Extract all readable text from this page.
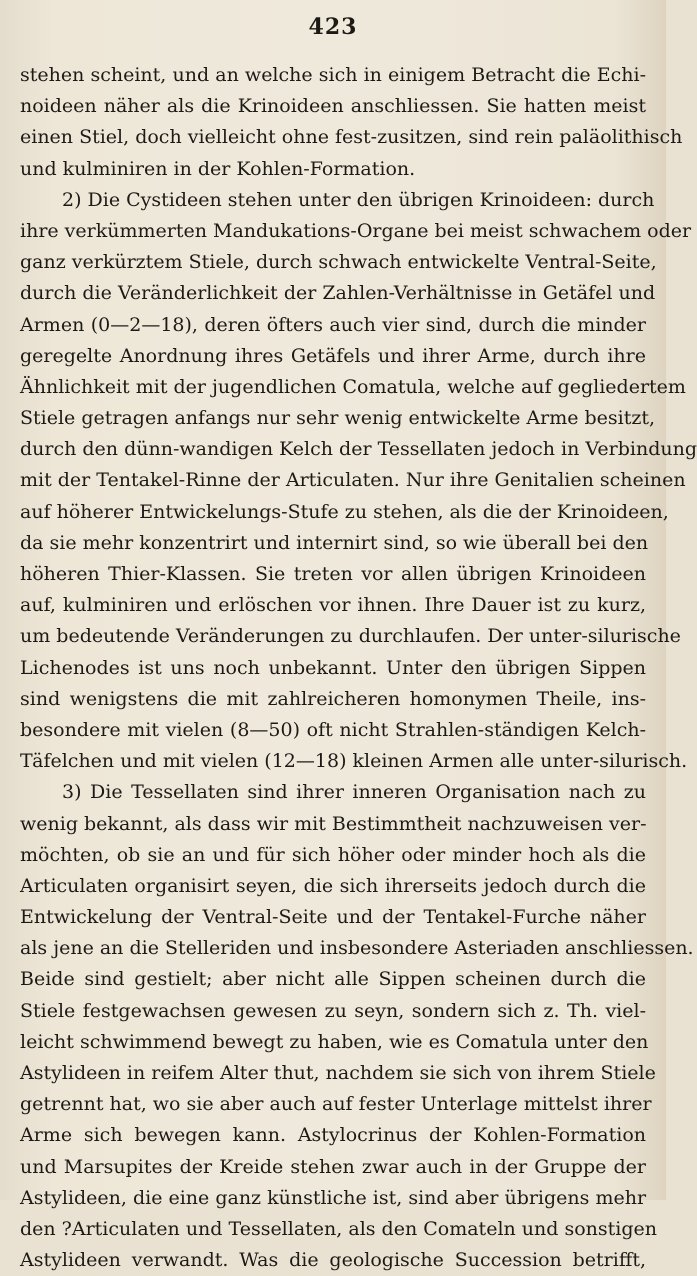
423
stehen scheint, und an welche sich in einigem Betracht die Echi-
noideen näher als die Krinoideen anschliessen. Sie hatten meist
einen Stiel, doch vielleicht ohne fest-zusitzen, sind rein paläolithisch
und kulminiren in der Kohlen-Formation.
2) Die Cystideen stehen unter den übrigen Krinoideen: durch
ihre verkümmerten Mandukations-Organe bei meist schwachem oder
ganz verkürztem Stiele, durch schwach entwickelte Ventral-Seite,
durch die Veränderlichkeit der Zahlen-Verhältnisse in Getäfel und
Armen (0—2—18), deren öfters auch vier sind, durch die minder
geregelte Anordnung ihres Getäfels und ihrer Arme, durch ihre
Ähnlichkeit mit der jugendlichen Comatula, welche auf gegliedertem
Stiele getragen anfangs nur sehr wenig entwickelte Arme besitzt,
durch den dünn-wandigen Kelch der Tessellaten jedoch in Verbindung
mit der Tentakel-Rinne der Articulaten. Nur ihre Genitalien scheinen
auf höherer Entwickelungs-Stufe zu stehen, als die der Krinoideen,
da sie mehr konzentrirt und internirt sind, so wie überall bei den
höheren Thier-Klassen. Sie treten vor allen übrigen Krinoideen
auf, kulminiren und erlöschen vor ihnen. Ihre Dauer ist zu kurz,
um bedeutende Veränderungen zu durchlaufen. Der unter-silurische
Lichenodes ist uns noch unbekannt. Unter den übrigen Sippen
sind wenigstens die mit zahlreicheren homonymen Theile, ins-
besondere mit vielen (8—50) oft nicht Strahlen-ständigen Kelch-
Täfelchen und mit vielen (12—18) kleinen Armen alle unter-silurisch.
3) Die Tessellaten sind ihrer inneren Organisation nach zu
wenig bekannt, als dass wir mit Bestimmtheit nachzuweisen ver-
möchten, ob sie an und für sich höher oder minder hoch als die
Articulaten organisirt seyen, die sich ihrerseits jedoch durch die
Entwickelung der Ventral-Seite und der Tentakel-Furche näher
als jene an die Stelleriden und insbesondere Asteriaden anschliessen.
Beide sind gestielt; aber nicht alle Sippen scheinen durch die
Stiele festgewachsen gewesen zu seyn, sondern sich z. Th. viel-
leicht schwimmend bewegt zu haben, wie es Comatula unter den
Astylideen in reifem Alter thut, nachdem sie sich von ihrem Stiele
getrennt hat, wo sie aber auch auf fester Unterlage mittelst ihrer
Arme sich bewegen kann. Astylocrinus der Kohlen-Formation
und Marsupites der Kreide stehen zwar auch in der Gruppe der
Astylideen, die eine ganz künstliche ist, sind aber übrigens mehr
den ?Articulaten und Tessellaten, als den Comateln und sonstigen
Astylideen verwandt. Was die geologische Succession betrifft,
